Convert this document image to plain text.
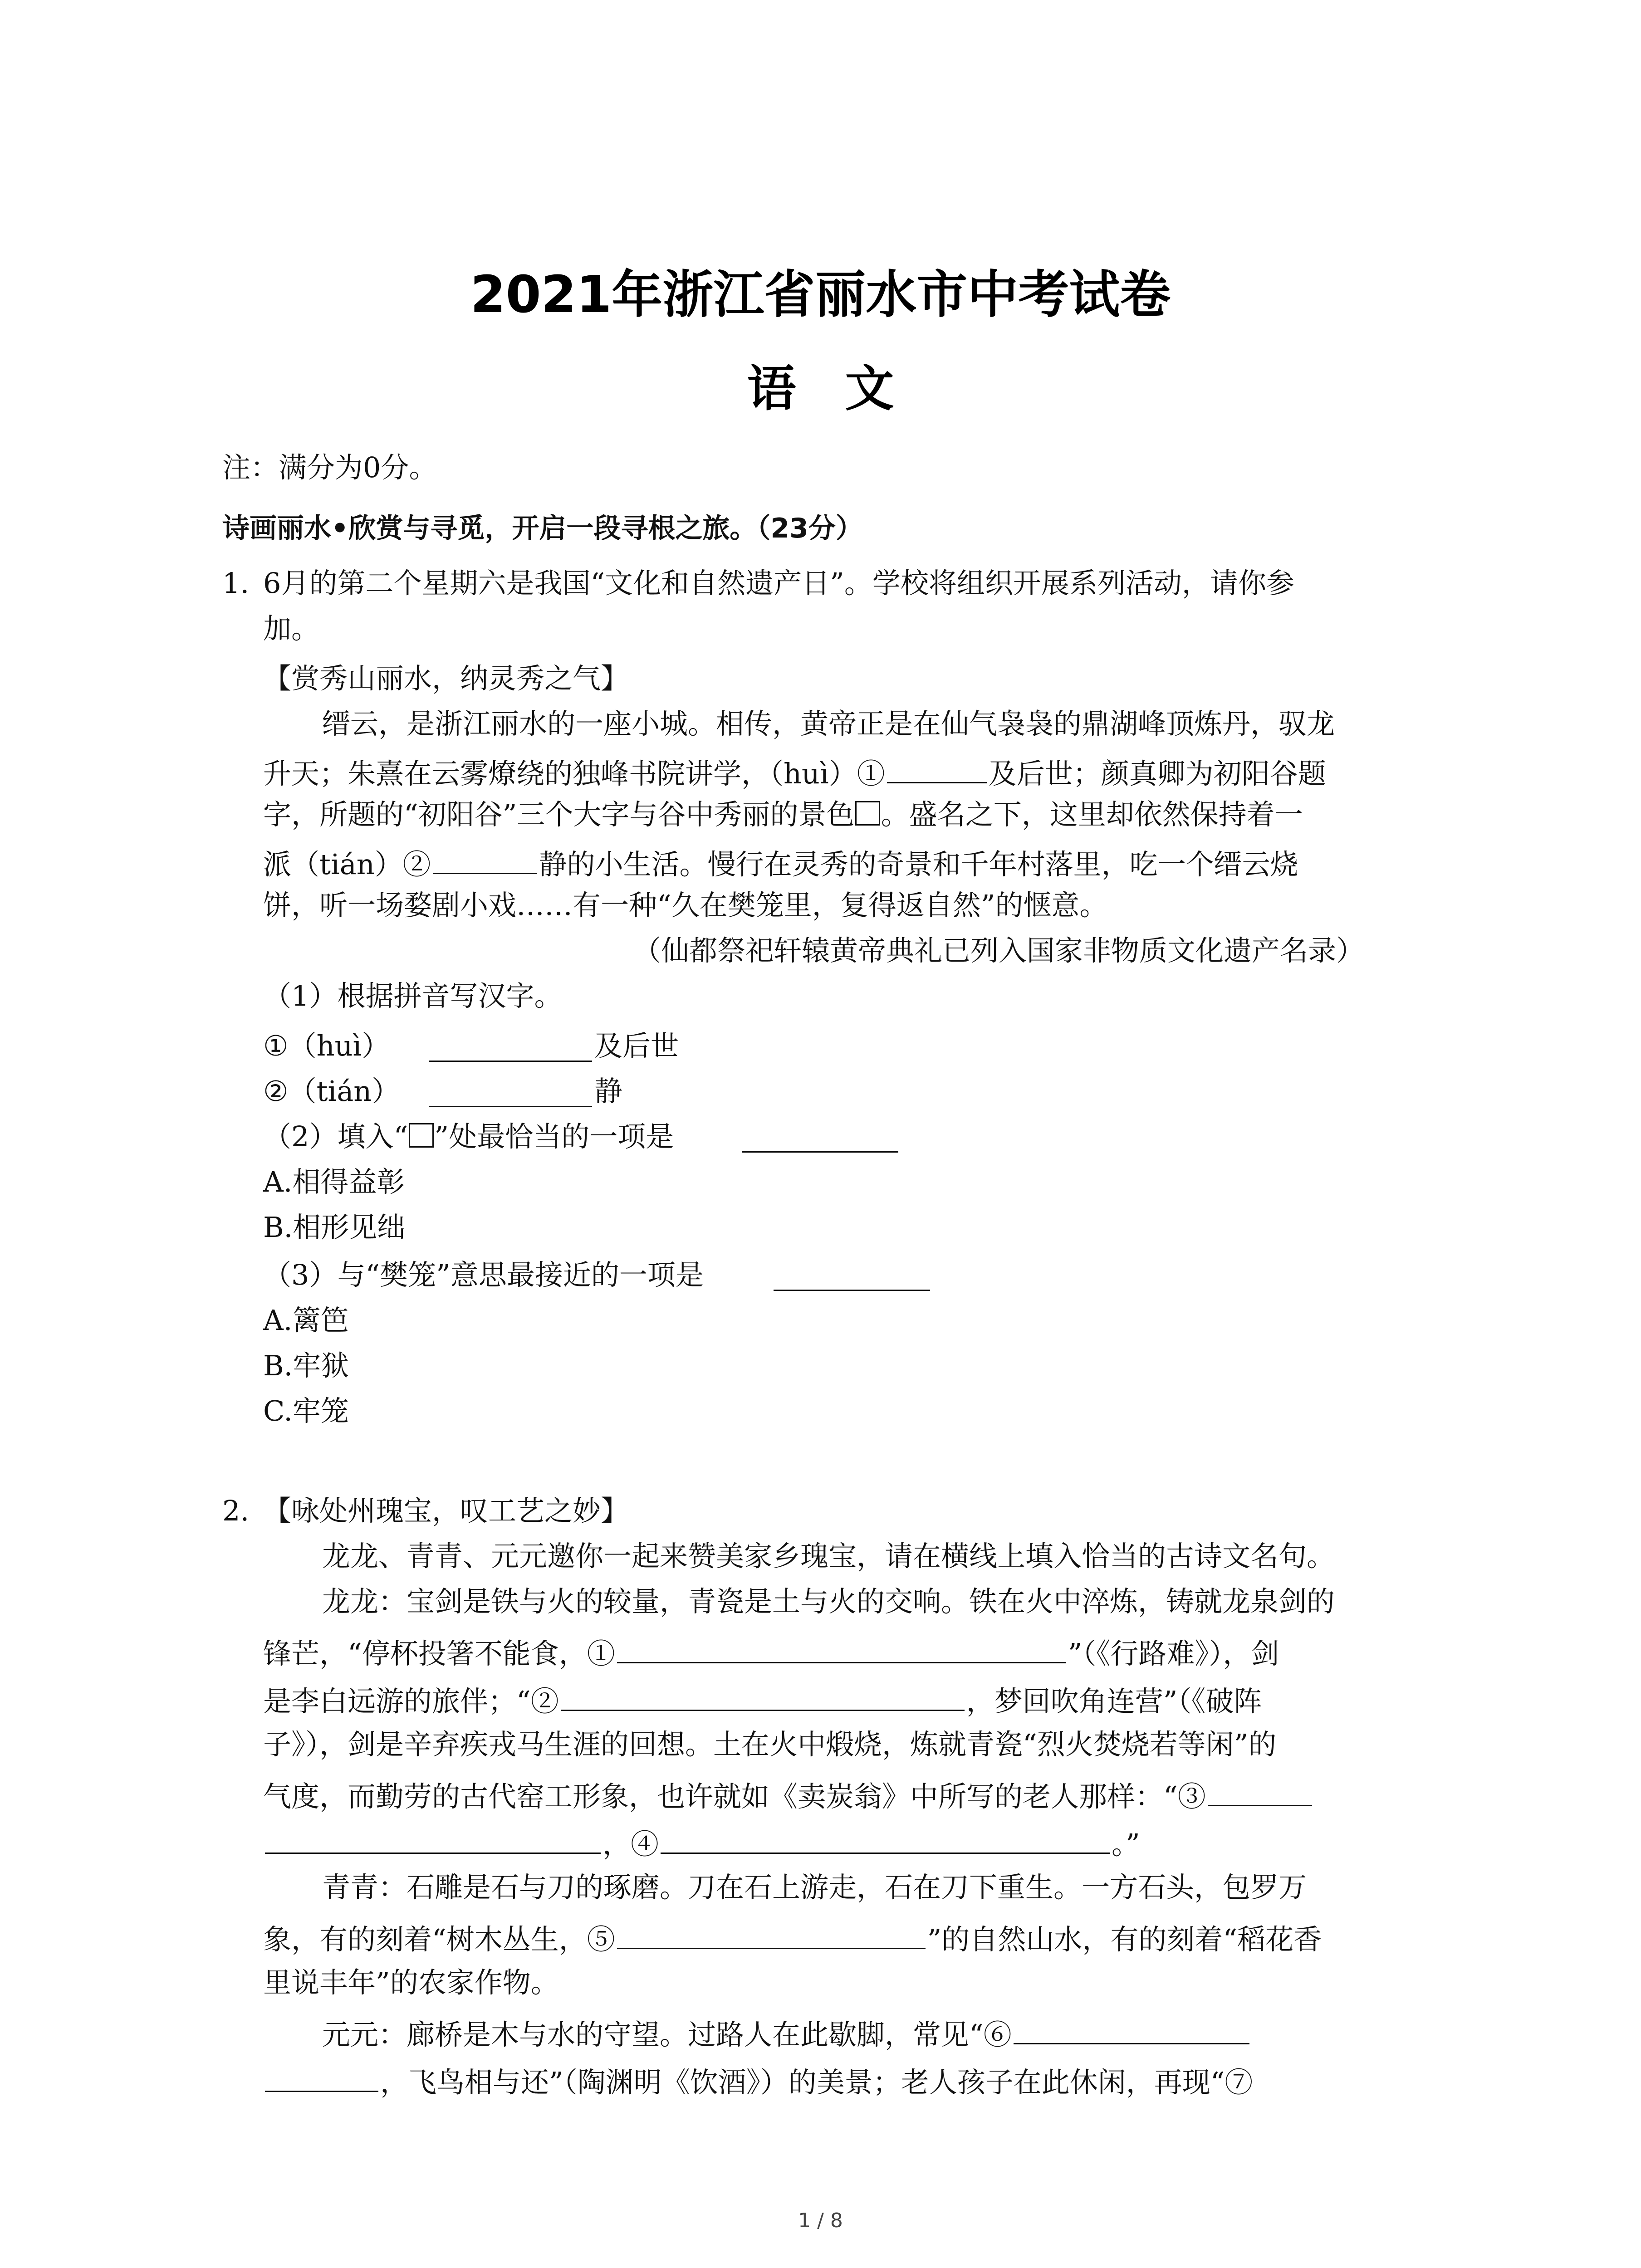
2021年浙江省丽水市中考试卷
语　文
注：满分为0分。
诗画丽水•欣赏与寻觅，开启一段寻根之旅。（23分）
1. 6月的第二个星期六是我国“文化和自然遗产日”。学校将组织开展系列活动，请你参
加。
【赏秀山丽水，纳灵秀之气】
缙云，是浙江丽水的一座小城。相传，黄帝正是在仙气袅袅的鼎湖峰顶炼丹，驭龙
升天；朱熹在云雾燎绕的独峰书院讲学，（huì）①	及后世；颜真卿为初阳谷题
字，所题的“初阳谷”三个大字与谷中秀丽的景色 。盛名之下，这里却依然保持着一
派（tián）②	静的小生活。慢行在灵秀的奇景和千年村落里，吃一个缙云烧
饼，听一场婺剧小戏……有一种“久在樊笼里，复得返自然”的惬意。
（仙都祭祀轩辕黄帝典礼已列入国家非物质文化遗产名录）
（1）根据拼音写汉字。
①（huì）	及后世
②（tián）	静
（2）填入“ ”处最恰当的一项是
A.相得益彰
B.相形见绌
（3）与“樊笼”意思最接近的一项是
A.篱笆
B.牢狱
C.牢笼
2. 【咏处州瑰宝，叹工艺之妙】
龙龙、青青、元元邀你一起来赞美家乡瑰宝，请在横线上填入恰当的古诗文名句。
龙龙：宝剑是铁与火的较量，青瓷是土与火的交响。铁在火中淬炼，铸就龙泉剑的
锋芒，“停杯投箸不能食，①	”（《行路难》），剑
是李白远游的旅伴；“②	，梦回吹角连营”（《破阵
子》），剑是辛弃疾戎马生涯的回想。土在火中煅烧，炼就青瓷“烈火焚烧若等闲”的
气度，而勤劳的古代窑工形象，也许就如《卖炭翁》中所写的老人那样：“③
，④	。”
青青：石雕是石与刀的琢磨。刀在石上游走，石在刀下重生。一方石头，包罗万
象，有的刻着“树木丛生，⑤	”的自然山水，有的刻着“稻花香
里说丰年”的农家作物。
元元：廊桥是木与水的守望。过路人在此歇脚，常见“⑥
，飞鸟相与还”（陶渊明《饮酒》）的美景；老人孩子在此休闲，再现“⑦
1 / 8
